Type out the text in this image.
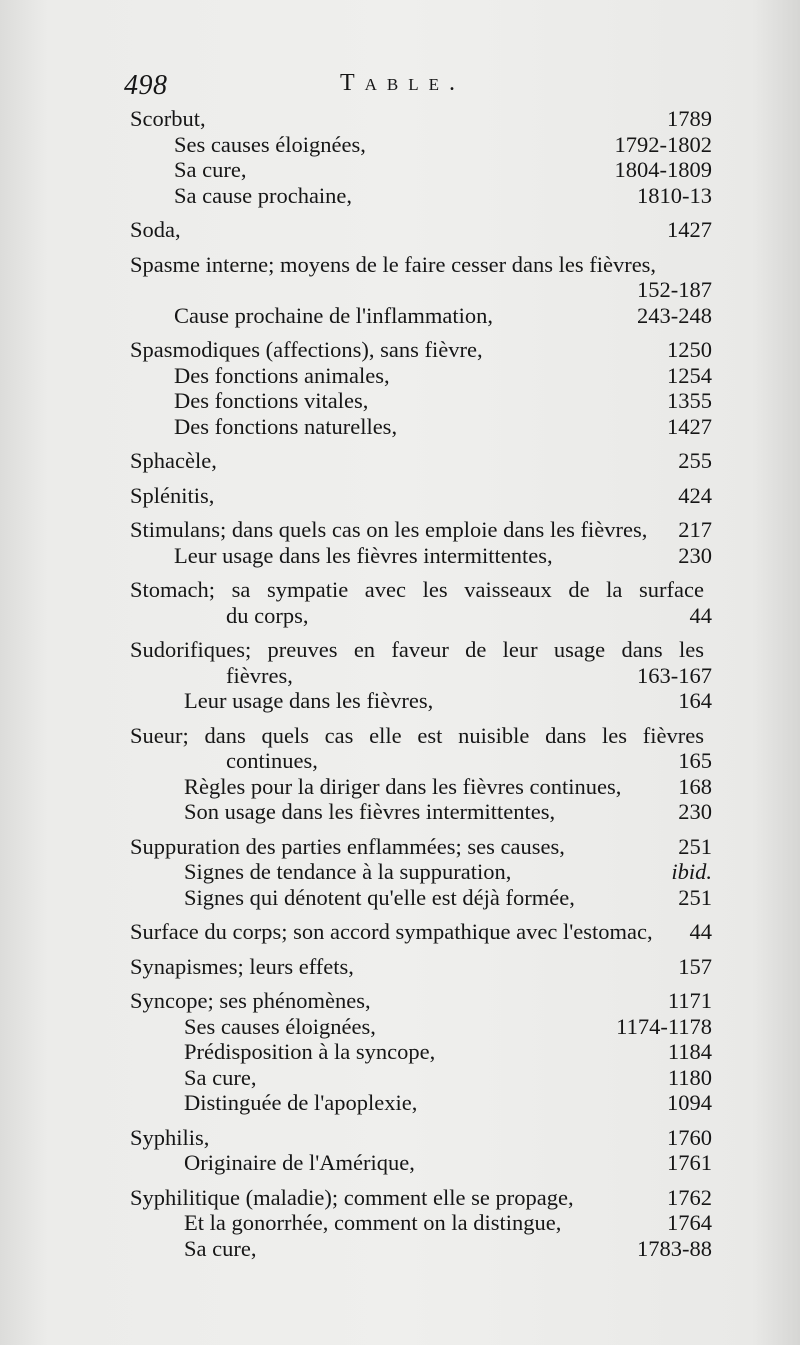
498	Table.
Scorbut,	1789
Ses causes éloignées,	1792-1802
Sa cure,	1804-1809
Sa cause prochaine,	1810-13
Soda,	1427
Spasme interne; moyens de le faire cesser dans les fièvres,
152-187
Cause prochaine de l'inflammation,	243-248
Spasmodiques (affections), sans fièvre,	1250
Des fonctions animales,	1254
Des fonctions vitales,	1355
Des fonctions naturelles,	1427
Sphacèle,	255
Splénitis,	424
Stimulans; dans quels cas on les emploie dans les fièvres,	217
Leur usage dans les fièvres intermittentes,	230
Stomach; sa sympatie avec les vaisseaux de la surface
du corps,	44
Sudorifiques; preuves en faveur de leur usage dans les
fièvres,	163-167
Leur usage dans les fièvres,	164
Sueur; dans quels cas elle est nuisible dans les fièvres
continues,	165
Règles pour la diriger dans les fièvres continues,	168
Son usage dans les fièvres intermittentes,	230
Suppuration des parties enflammées; ses causes,	251
Signes de tendance à la suppuration,	ibid.
Signes qui dénotent qu'elle est déjà formée,	251
Surface du corps; son accord sympathique avec l'estomac,	44
Synapismes; leurs effets,	157
Syncope; ses phénomènes,	1171
Ses causes éloignées,	1174-1178
Prédisposition à la syncope,	1184
Sa cure,	1180
Distinguée de l'apoplexie,	1094
Syphilis,	1760
Originaire de l'Amérique,	1761
Syphilitique (maladie); comment elle se propage,	1762
Et la gonorrhée, comment on la distingue,	1764
Sa cure,	1783-88
